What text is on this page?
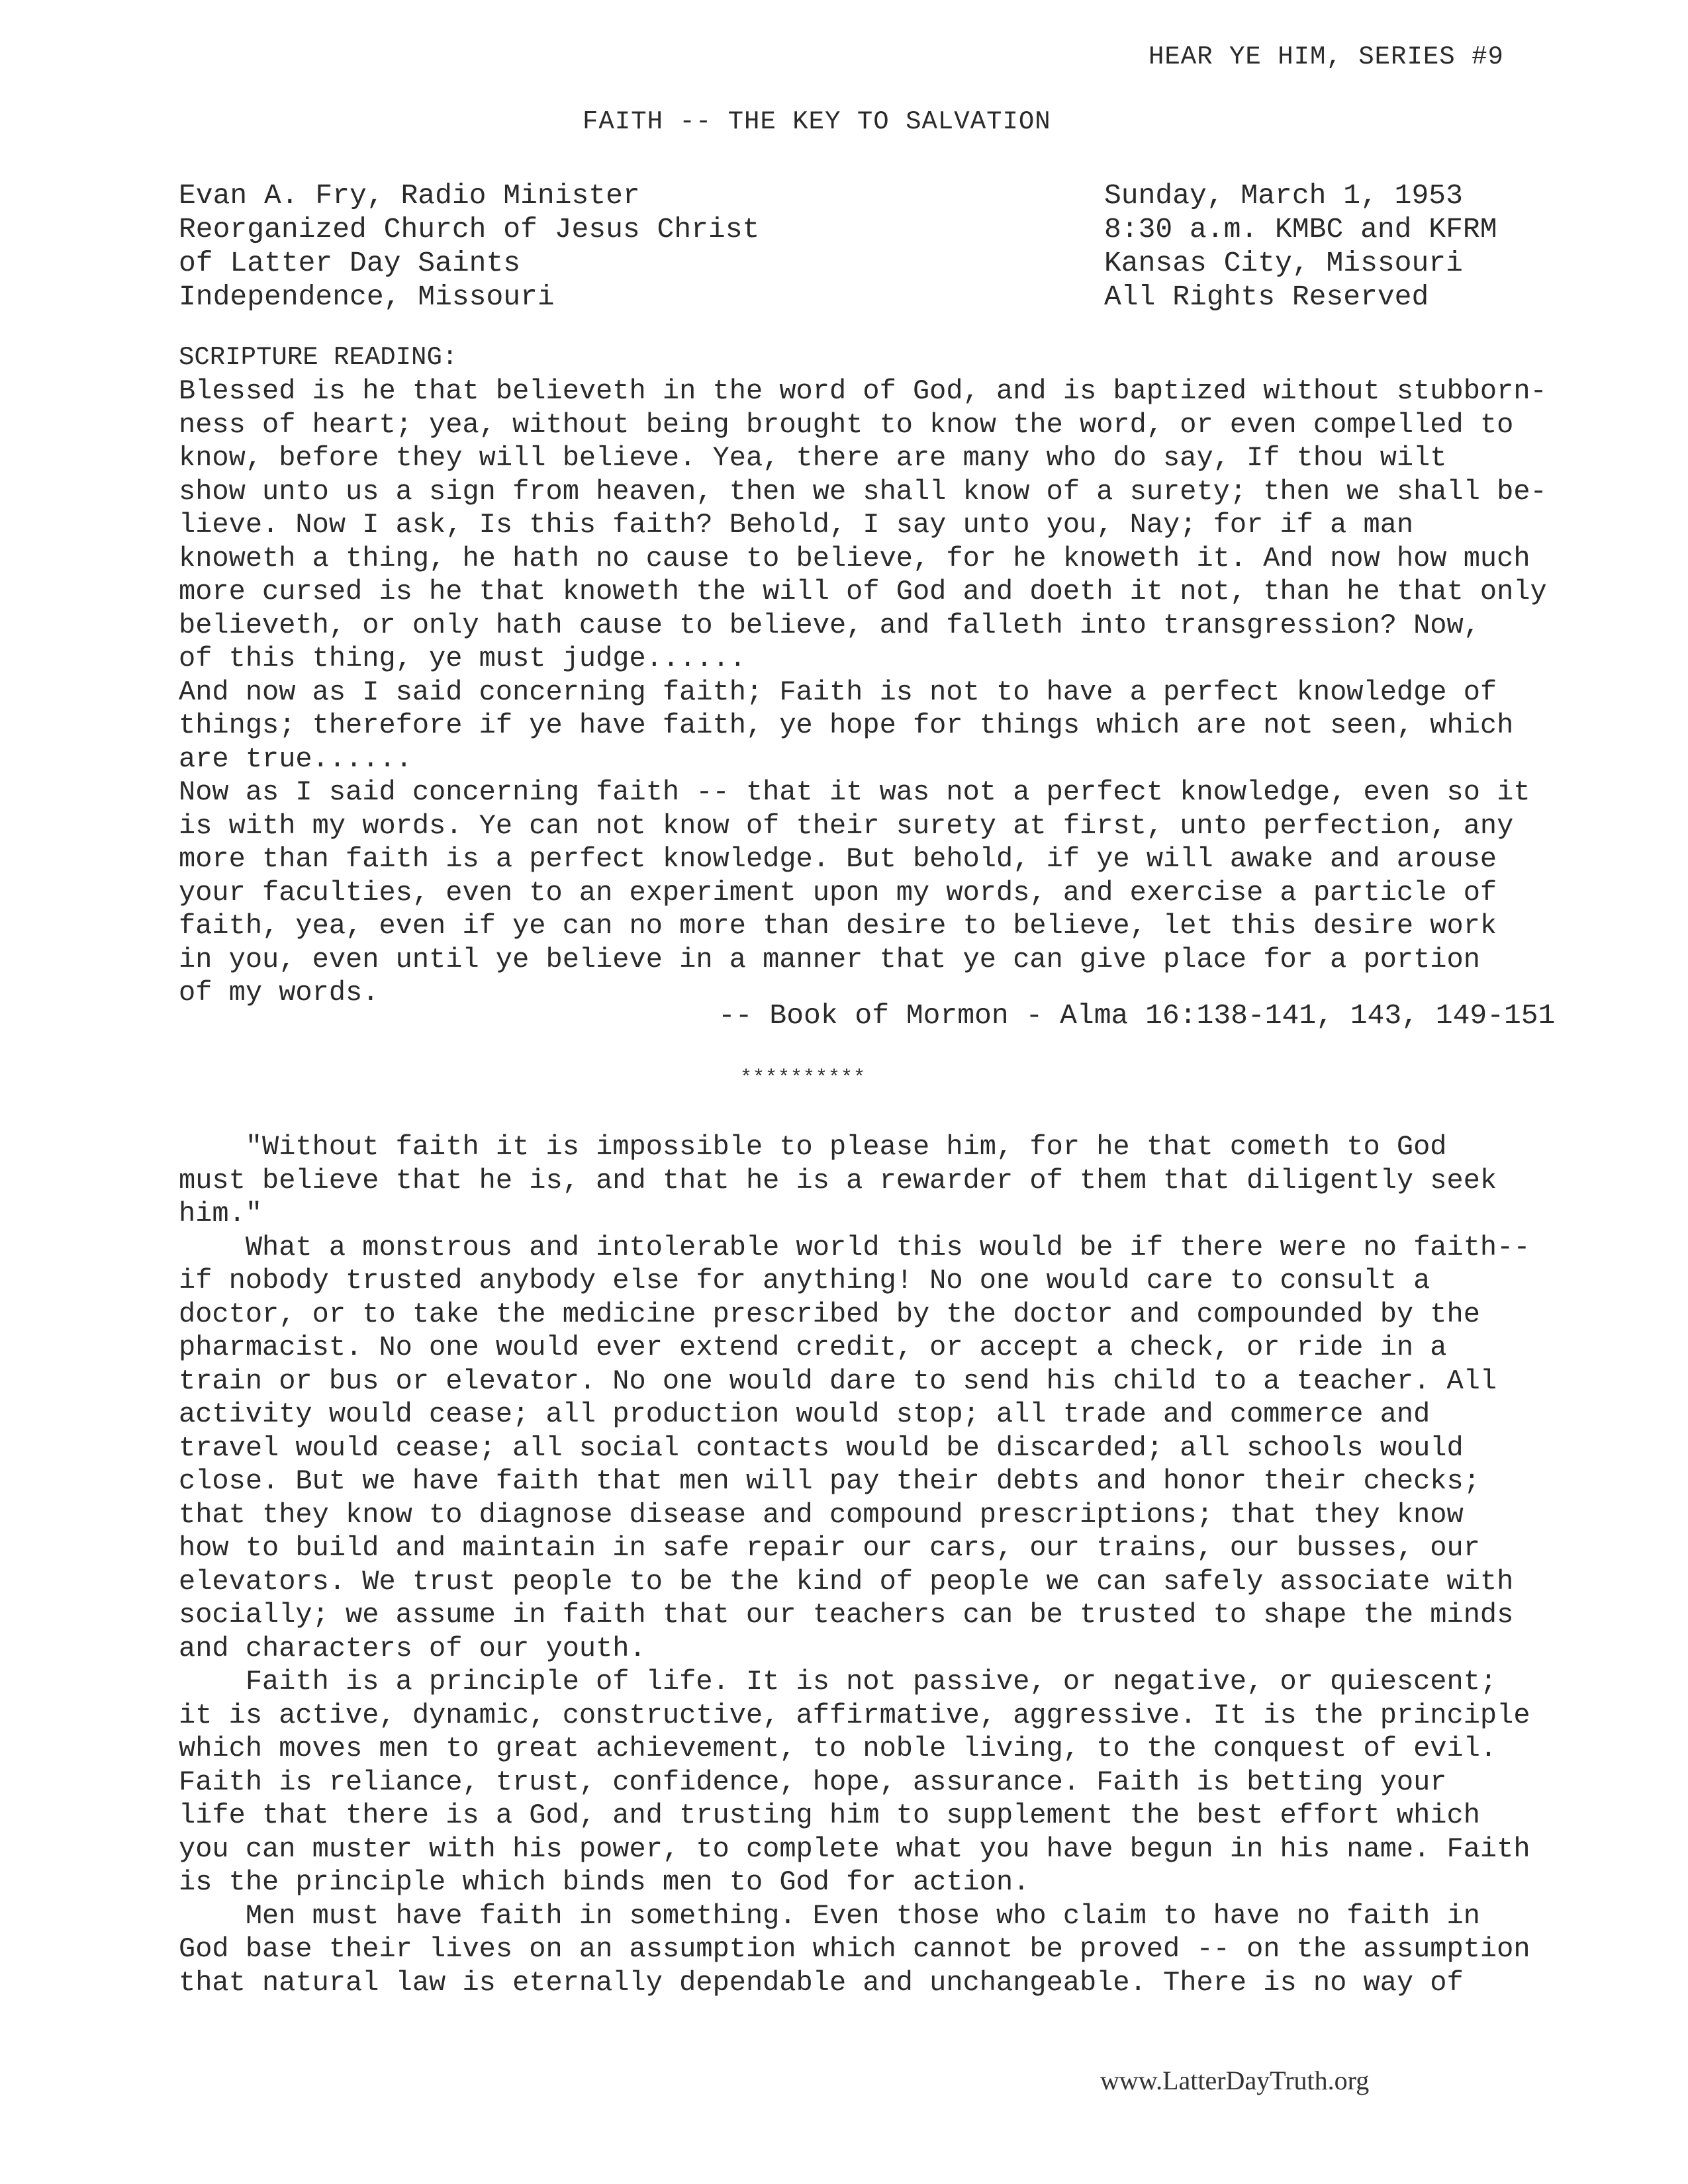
HEAR YE HIM, SERIES #9
FAITH -- THE KEY TO SALVATION
Evan A. Fry, Radio Minister
Reorganized Church of Jesus Christ
of Latter Day Saints
Independence, Missouri
Sunday, March 1, 1953
8:30 a.m. KMBC and KFRM
Kansas City, Missouri
All Rights Reserved
SCRIPTURE READING:
Blessed is he that believeth in the word of God, and is baptized without stubborn-
ness of heart; yea, without being brought to know the word, or even compelled to
know, before they will believe. Yea, there are many who do say, If thou wilt
show unto us a sign from heaven, then we shall know of a surety; then we shall be-
lieve. Now I ask, Is this faith? Behold, I say unto you, Nay; for if a man
knoweth a thing, he hath no cause to believe, for he knoweth it. And now how much
more cursed is he that knoweth the will of God and doeth it not, than he that only
believeth, or only hath cause to believe, and falleth into transgression? Now,
of this thing, ye must judge......
And now as I said concerning faith; Faith is not to have a perfect knowledge of
things; therefore if ye have faith, ye hope for things which are not seen, which
are true......
Now as I said concerning faith -- that it was not a perfect knowledge, even so it
is with my words. Ye can not know of their surety at first, unto perfection, any
more than faith is a perfect knowledge. But behold, if ye will awake and arouse
your faculties, even to an experiment upon my words, and exercise a particle of
faith, yea, even if ye can no more than desire to believe, let this desire work
in you, even until ye believe in a manner that ye can give place for a portion
of my words.
-- Book of Mormon - Alma 16:138-141, 143, 149-151
**********
"Without faith it is impossible to please him, for he that cometh to God
must believe that he is, and that he is a rewarder of them that diligently seek
him."
What a monstrous and intolerable world this would be if there were no faith--
if nobody trusted anybody else for anything! No one would care to consult a
doctor, or to take the medicine prescribed by the doctor and compounded by the
pharmacist. No one would ever extend credit, or accept a check, or ride in a
train or bus or elevator. No one would dare to send his child to a teacher. All
activity would cease; all production would stop; all trade and commerce and
travel would cease; all social contacts would be discarded; all schools would
close. But we have faith that men will pay their debts and honor their checks;
that they know to diagnose disease and compound prescriptions; that they know
how to build and maintain in safe repair our cars, our trains, our busses, our
elevators. We trust people to be the kind of people we can safely associate with
socially; we assume in faith that our teachers can be trusted to shape the minds
and characters of our youth.
Faith is a principle of life. It is not passive, or negative, or quiescent;
it is active, dynamic, constructive, affirmative, aggressive. It is the principle
which moves men to great achievement, to noble living, to the conquest of evil.
Faith is reliance, trust, confidence, hope, assurance. Faith is betting your
life that there is a God, and trusting him to supplement the best effort which
you can muster with his power, to complete what you have begun in his name. Faith
is the principle which binds men to God for action.
Men must have faith in something. Even those who claim to have no faith in
God base their lives on an assumption which cannot be proved -- on the assumption
that natural law is eternally dependable and unchangeable. There is no way of
www.LatterDayTruth.org
